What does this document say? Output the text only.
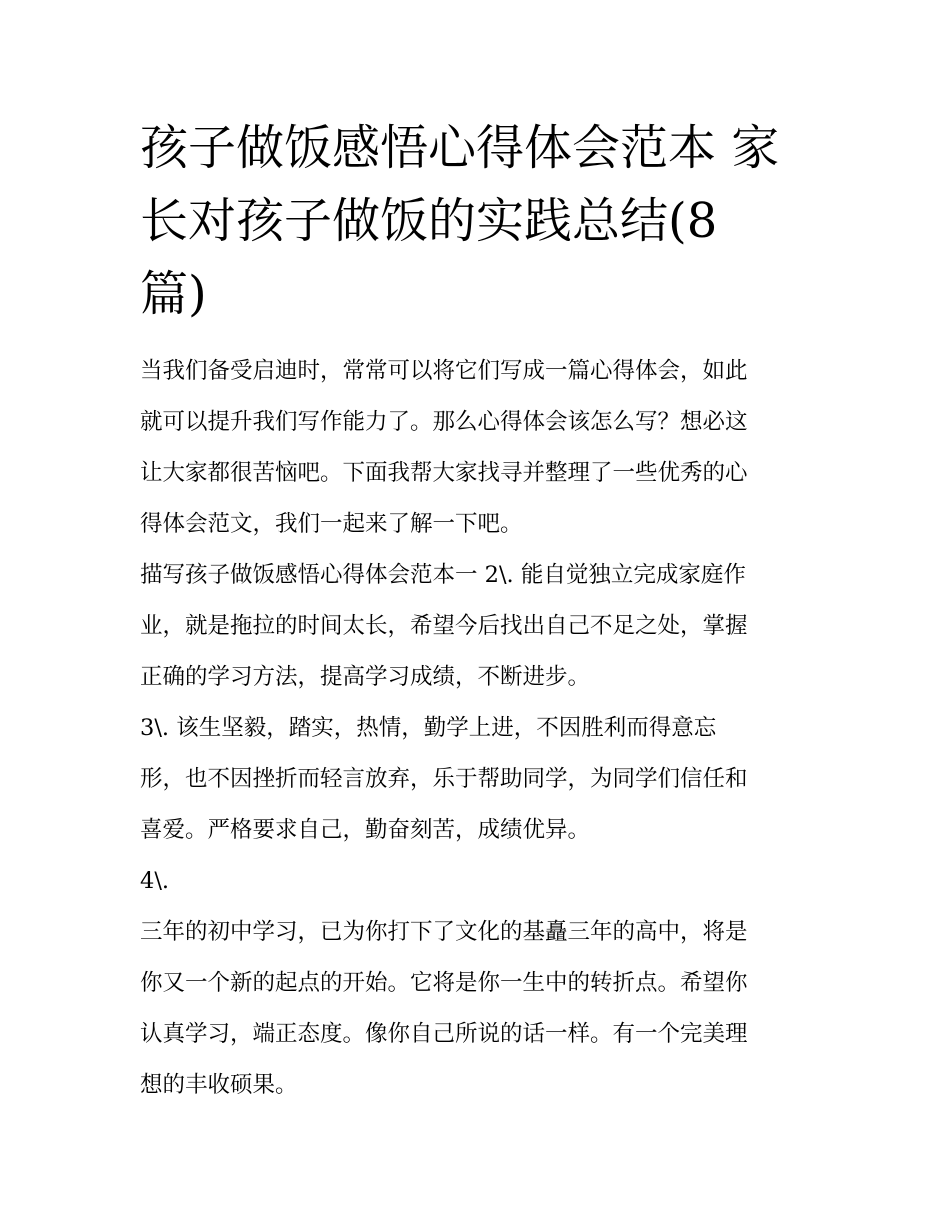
孩子做饭感悟心得体会范本 家
长对孩子做饭的实践总结(8
篇)
当我们备受启迪时，常常可以将它们写成一篇心得体会，如此
就可以提升我们写作能力了。那么心得体会该怎么写？想必这
让大家都很苦恼吧。下面我帮大家找寻并整理了一些优秀的心
得体会范文，我们一起来了解一下吧。
描写孩子做饭感悟心得体会范本一 2\. 能自觉独立完成家庭作
业，就是拖拉的时间太长，希望今后找出自己不足之处，掌握
正确的学习方法，提高学习成绩，不断进步。
3\. 该生坚毅，踏实，热情，勤学上进，不因胜利而得意忘
形，也不因挫折而轻言放弃，乐于帮助同学，为同学们信任和
喜爱。严格要求自己，勤奋刻苦，成绩优异。
4\.
三年的初中学习，已为你打下了文化的基矗三年的高中，将是
你又一个新的起点的开始。它将是你一生中的转折点。希望你
认真学习，端正态度。像你自己所说的话一样。有一个完美理
想的丰收硕果。
